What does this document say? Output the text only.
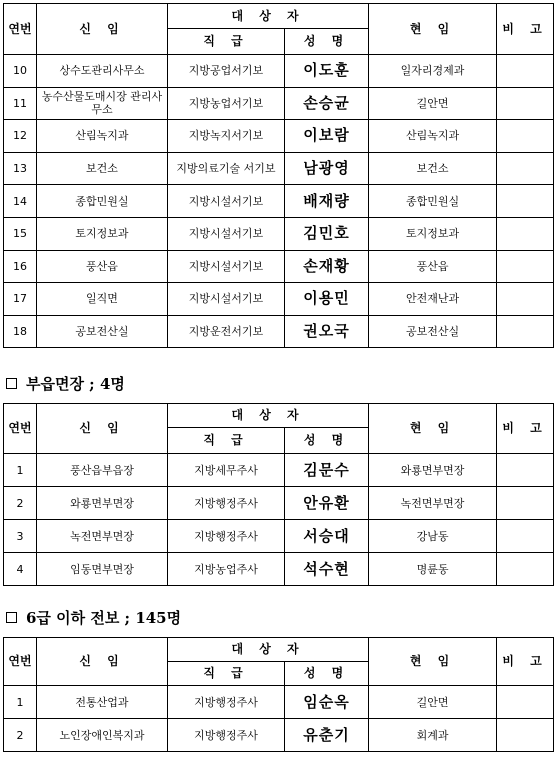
연번	신 임	대 상 자		현 임	비 고
		직 급	성 명		
10	상수도관리사무소	지방공업서기보	이도훈	일자리경제과	
11	농수산물도매시장 관리사무소	지방농업서기보	손승균	길안면	
12	산림녹지과	지방녹지서기보	이보람	산림녹지과	
13	보건소	지방의료기술 서기보	남광영	보건소	
14	종합민원실	지방시설서기보	배재량	종합민원실	
15	토지정보과	지방시설서기보	김민호	토지정보과	
16	풍산읍	지방시설서기보	손재황	풍산읍	
17	일직면	지방시설서기보	이용민	안전재난과	
18	공보전산실	지방운전서기보	권오국	공보전산실	
부읍면장 ; 4명
연번	신 임	대 상 자		현 임	비 고
		직 급	성 명		
1	풍산읍부읍장	지방세무주사	김문수	와룡면부면장	
2	와룡면부면장	지방행정주사	안유환	녹전면부면장	
3	녹전면부면장	지방행정주사	서승대	강남동	
4	임동면부면장	지방농업주사	석수현	명륜동	
6급 이하 전보 ; 145명
연번	신 임	대 상 자		현 임	비 고
		직 급	성 명		
1	전통산업과	지방행정주사	임순옥	길안면	
2	노인장애인복지과	지방행정주사	유춘기	회계과	
